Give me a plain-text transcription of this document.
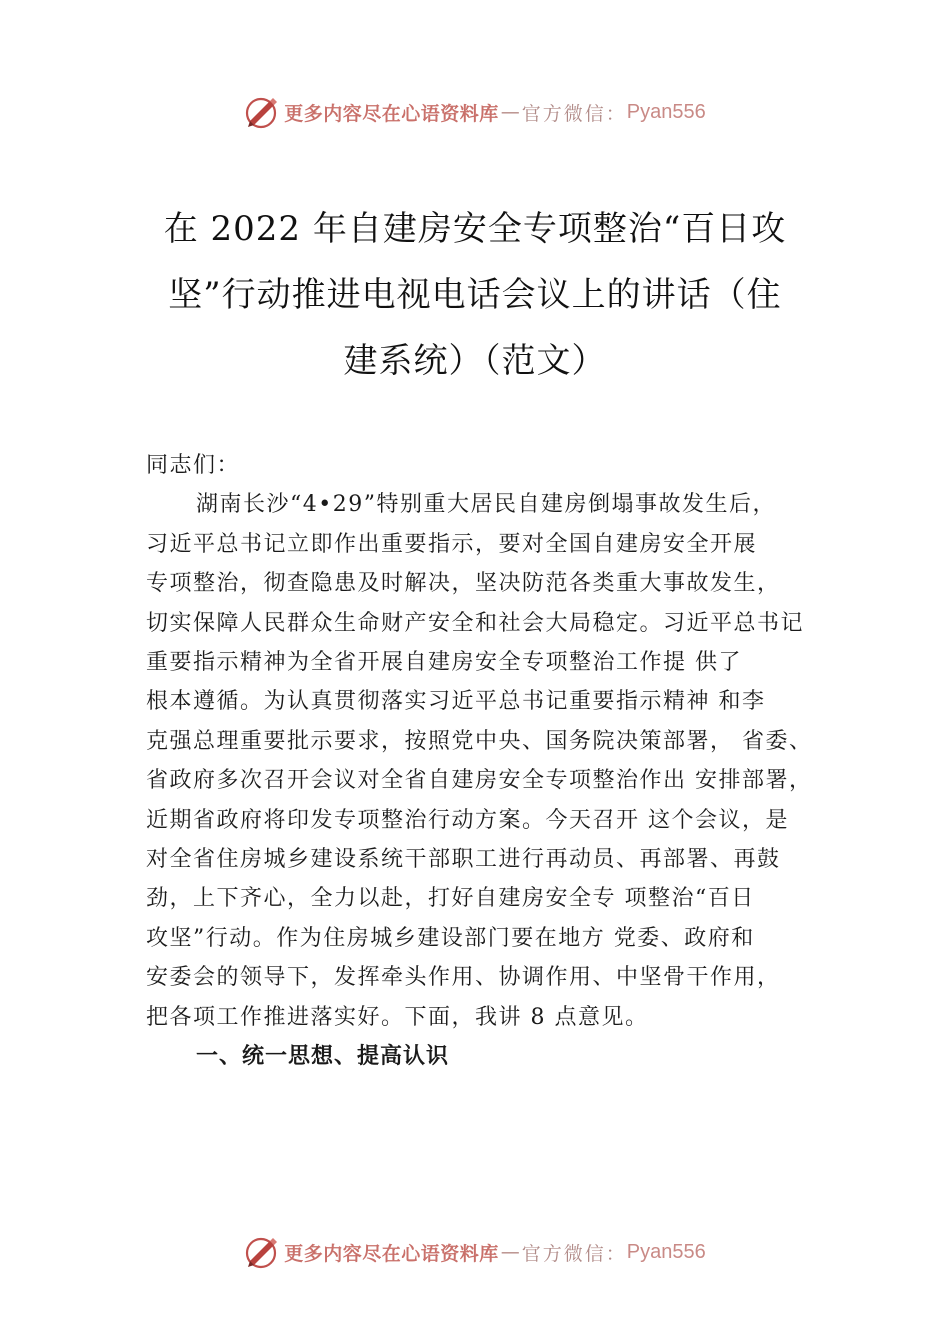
更多内容尽在心语资料库 — 官方微信： Pyan556
在 2022 年自建房安全专项整治“百日攻
坚”行动推进电视电话会议上的讲话（住
建系统）（范文）
同志们：
湖南长沙“4•29”特别重大居民自建房倒塌事故发生后，
习近平总书记立即作出重要指示，要对全国自建房安全开展
专项整治，彻查隐患及时解决，坚决防范各类重大事故发生，
切实保障人民群众生命财产安全和社会大局稳定。习近平总书记
重要指示精神为全省开展自建房安全专项整治工作提 供了
根本遵循。为认真贯彻落实习近平总书记重要指示精神 和李
克强总理重要批示要求，按照党中央、国务院决策部署， 省委、
省政府多次召开会议对全省自建房安全专项整治作出 安排部署，
近期省政府将印发专项整治行动方案。今天召开 这个会议，是
对全省住房城乡建设系统干部职工进行再动员、再部署、再鼓
劲，上下齐心，全力以赴，打好自建房安全专 项整治“百日
攻坚”行动。作为住房城乡建设部门要在地方 党委、政府和
安委会的领导下，发挥牵头作用、协调作用、中坚骨干作用，
把各项工作推进落实好。下面，我讲 8 点意见。
一、统一思想、提高认识
更多内容尽在心语资料库 — 官方微信： Pyan556
